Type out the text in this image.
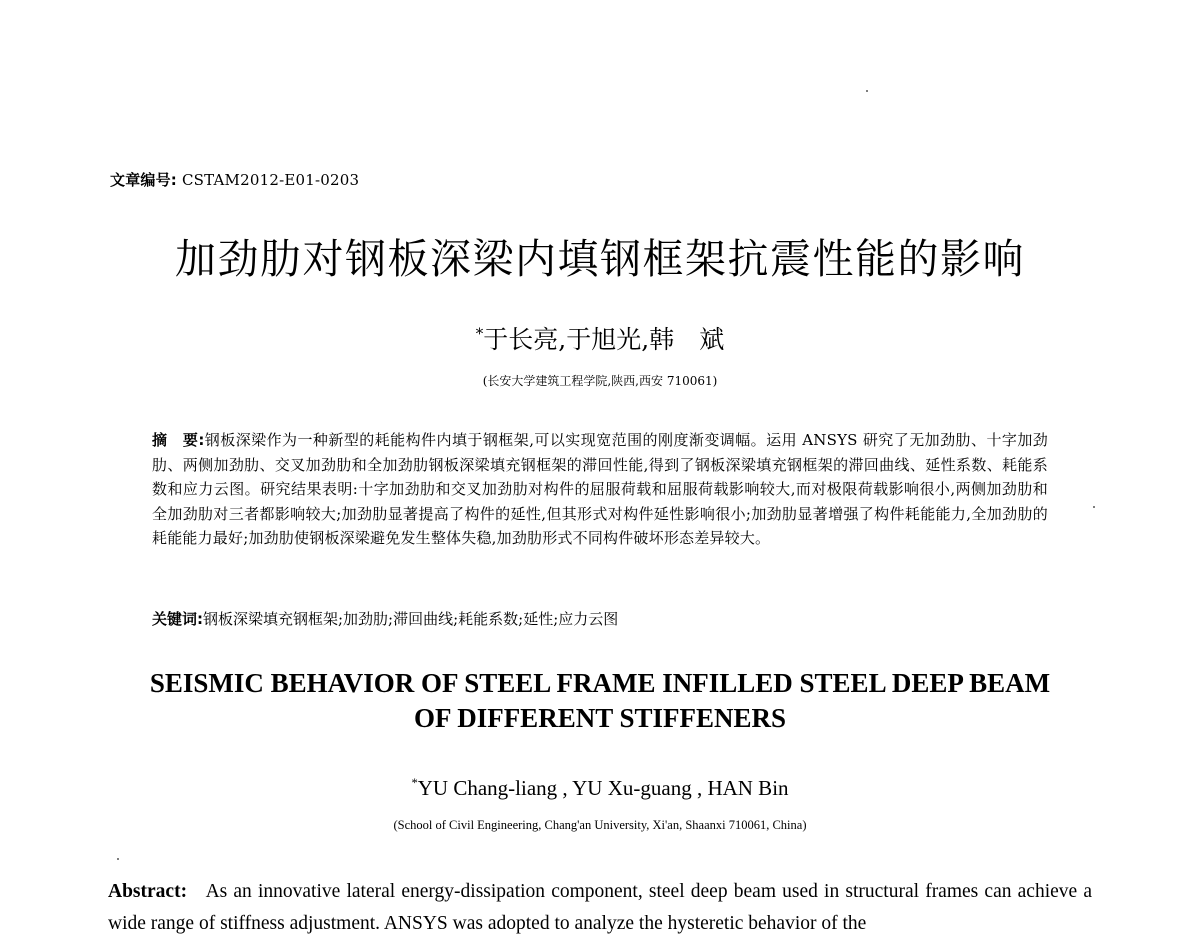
文章编号: CSTAM2012-E01-0203
加劲肋对钢板深梁内填钢框架抗震性能的影响
*于长亮,于旭光,韩　斌
(长安大学建筑工程学院,陕西,西安 710061)
摘　要:钢板深梁作为一种新型的耗能构件内填于钢框架,可以实现宽范围的刚度渐变调幅。运用 ANSYS 研究了无加劲肋、十字加劲肋、两侧加劲肋、交叉加劲肋和全加劲肋钢板深梁填充钢框架的滞回性能,得到了钢板深梁填充钢框架的滞回曲线、延性系数、耗能系数和应力云图。研究结果表明:十字加劲肋和交叉加劲肋对构件的屈服荷载和屈服荷载影响较大,而对极限荷载影响很小,两侧加劲肋和全加劲肋对三者都影响较大;加劲肋显著提高了构件的延性,但其形式对构件延性影响很小;加劲肋显著增强了构件耗能能力,全加劲肋的耗能能力最好;加劲肋使钢板深梁避免发生整体失稳,加劲肋形式不同构件破坏形态差异较大。
关键词:钢板深梁填充钢框架;加劲肋;滞回曲线;耗能系数;延性;应力云图
SEISMIC BEHAVIOR OF STEEL FRAME INFILLED STEEL DEEP BEAM
OF DIFFERENT STIFFENERS
*YU Chang-liang , YU Xu-guang , HAN Bin
(School of Civil Engineering, Chang'an University, Xi'an, Shaanxi 710061, China)
Abstract: As an innovative lateral energy-dissipation component, steel deep beam used in structural frames can achieve a wide range of stiffness adjustment. ANSYS was adopted to analyze the hysteretic behavior of the
